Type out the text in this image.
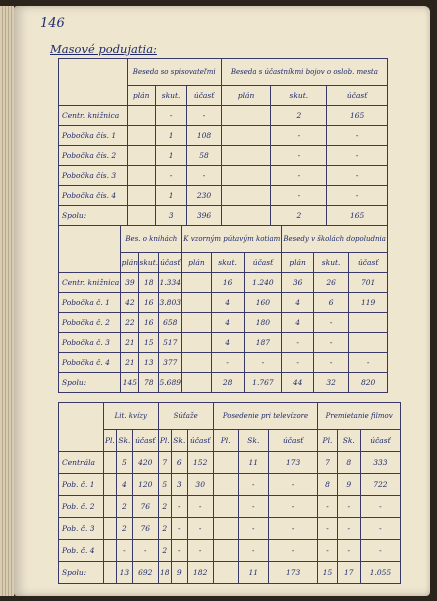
146
Masové podujatia:
	Beseda so spisovateľmi			Beseda s účastníkmi bojov o oslob. mesta		
	plán	skut.	účasť	plán	skut.	účasť
Centr. knižnica		-	-		2	165
Pobočka čís. 1		1	108		-	-
Pobočka čís. 2		1	58		-	-
Pobočka čís. 3		-	-		-	-
Pobočka čís. 4		1	230		-	-
Spolu:		3	396		2	165
	Bes. o knihách			K vzorným pútavým kotiam			Besedy v školách dopoludnia		
	plán	skut.	účasť	plán	skut.	účasť	plán	skut.	účasť
Centr. knižnica	39	18	1.334		16	1.240	36	26	701
Pobočka č. 1	42	16	3.803		4	160	4	6	119
Pobočka č. 2	22	16	658		4	180	4	-	
Pobočka č. 3	21	15	517		4	187	-	-	
Pobočka č. 4	21	13	377		-	-	-	-	-
Spolu:	145	78	5.689		28	1.767	44	32	820
	Lit. kvízy			Súťaže			Posedenie pri televízore			Premietanie filmov		
	Pl.	Sk.	účasť	Pl.	Sk.	účasť	Pl.	Sk.	účasť	Pl.	Sk.	účasť
Centrála		5	420	7	6	152		11	173	7	8	333
Pob. č. 1		4	120	5	3	30		-	-	8	9	722
Pob. č. 2		2	76	2	-	-		-	-	-	-	-
Pob. č. 3		2	76	2	-	-		-	-	-	-	-
Pob. č. 4		-	-	2	-	-		-	-	-	-	-
Spolu:		13	692	18	9	182		11	173	15	17	1.055
